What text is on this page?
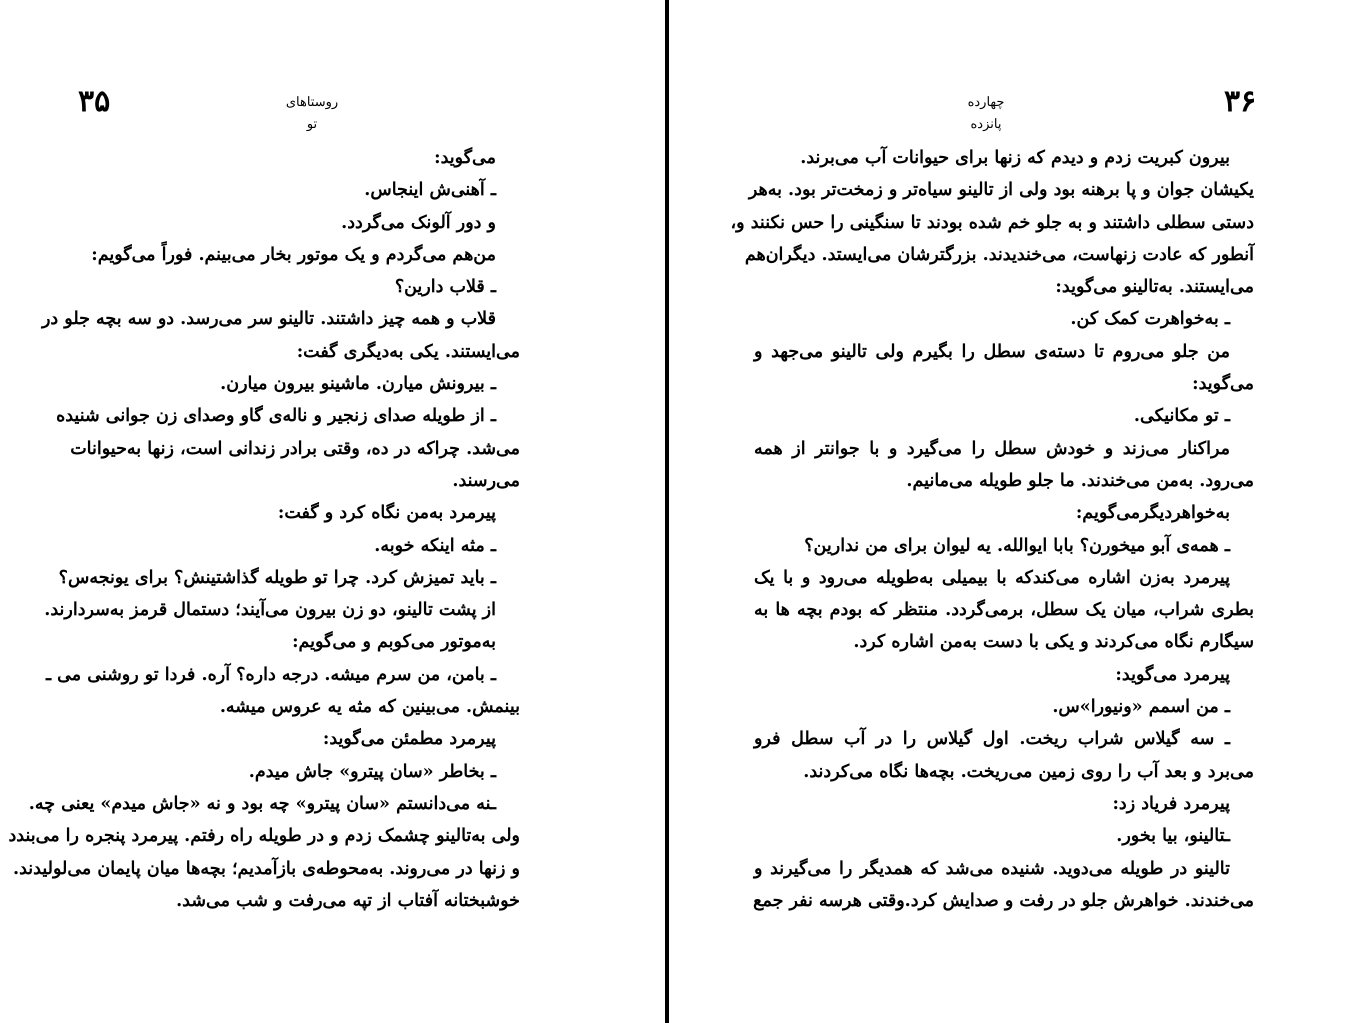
۳۵	روستاهای تو
می‌گوید:
ـ آهنی‌ش اینجاس.
و دور آلونک می‌گردد.
من‌هم می‌گردم و یک موتور بخار می‌بینم. فوراً می‌گویم:
ـ قلاب دارین؟
قلاب و همه چیز داشتند. تالینو سر می‌رسد. دو سه بچه جلو در
می‌ایستند. یکی به‌دیگری گفت:
ـ بیرونش میارن. ماشینو بیرون میارن.
ـ از طویله صدای زنجیر و ناله‌ی گاو وصدای زن جوانی شنیده
می‌شد. چراکه در ده، وقتی برادر زندانی است، زنها به‌حیوانات
می‌رسند.
پیرمرد به‌من نگاه کرد و گفت:
ـ مثه اینکه خوبه.
ـ باید تمیزش کرد. چرا تو طویله گذاشتینش؟ برای یونجه‌س؟
از پشت تالینو، دو زن بیرون می‌آیند؛ دستمال قرمز به‌سردارند.
به‌موتور می‌کوبم و می‌گویم:
ـ بامن، من سرم میشه. درجه داره؟ آره. فردا تو روشنی می ـ
بینمش. می‌بینین که مثه یه عروس میشه.
پیرمرد مطمئن می‌گوید:
ـ بخاطر «سان پیترو» جاش میدم.
ـنه می‌دانستم «سان پیترو» چه بود و نه «جاش میدم» یعنی چه.
ولی به‌تالینو چشمک زدم و در طویله راه رفتم. پیرمرد پنجره را می‌بندد
و زنها در می‌روند. به‌محوطه‌ی بازآمدیم؛ بچه‌ها میان پایمان می‌لولیدند.
خوشبختانه آفتاب از تپه می‌رفت و شب می‌شد.
۳۶
چهارده پانزده
بیرون کبریت زدم و دیدم که زنها برای حیوانات آب می‌برند.
یکیشان جوان و پا برهنه بود ولی از تالینو سیاه‌تر و زمخت‌تر بود. به‌هر
دستی سطلی داشتند و به جلو خم شده بودند تا سنگینی را حس نکنند و،
آنطور که عادت زنهاست، می‌خندیدند. بزرگترشان می‌ایستد. دیگران‌هم
می‌ایستند. به‌تالینو می‌گوید:
ـ به‌خواهرت کمک کن.
من جلو می‌روم تا دسته‌ی سطل را بگیرم ولی تالینو می‌جهد و
می‌گوید:
ـ تو مکانیکی.
مراکنار می‌زند و خودش سطل را می‌گیرد و با جوانتر از همه
می‌رود. به‌من می‌خندند. ما جلو طویله می‌مانیم.
به‌خواهردیگرمی‌گویم:
ـ همه‌ی آبو میخورن؟ بابا ایوالله. یه لیوان برای من ندارین؟
پیرمرد به‌زن اشاره می‌کندکه با بیمیلی به‌طویله می‌رود و با یک
بطری شراب، میان یک سطل، برمی‌گردد. منتظر که بودم بچه ها به
سیگارم نگاه می‌کردند و یکی با دست به‌من اشاره کرد.
پیرمرد می‌گوید:
ـ من اسمم «ونیو‌را»س.
ـ سه گیلاس شراب ریخت. اول گیلاس را در آب سطل فرو
می‌برد و بعد آب را روی زمین می‌ریخت. بچه‌ها نگاه می‌کردند.
پیرمرد فریاد زد:
ـتالینو، بیا بخور.
تالینو در طویله می‌دوید. شنیده می‌شد که همدیگر را می‌گیرند و
می‌خندند. خواهرش جلو در رفت و صدایش کرد.وقتی هرسه نفر جمع
